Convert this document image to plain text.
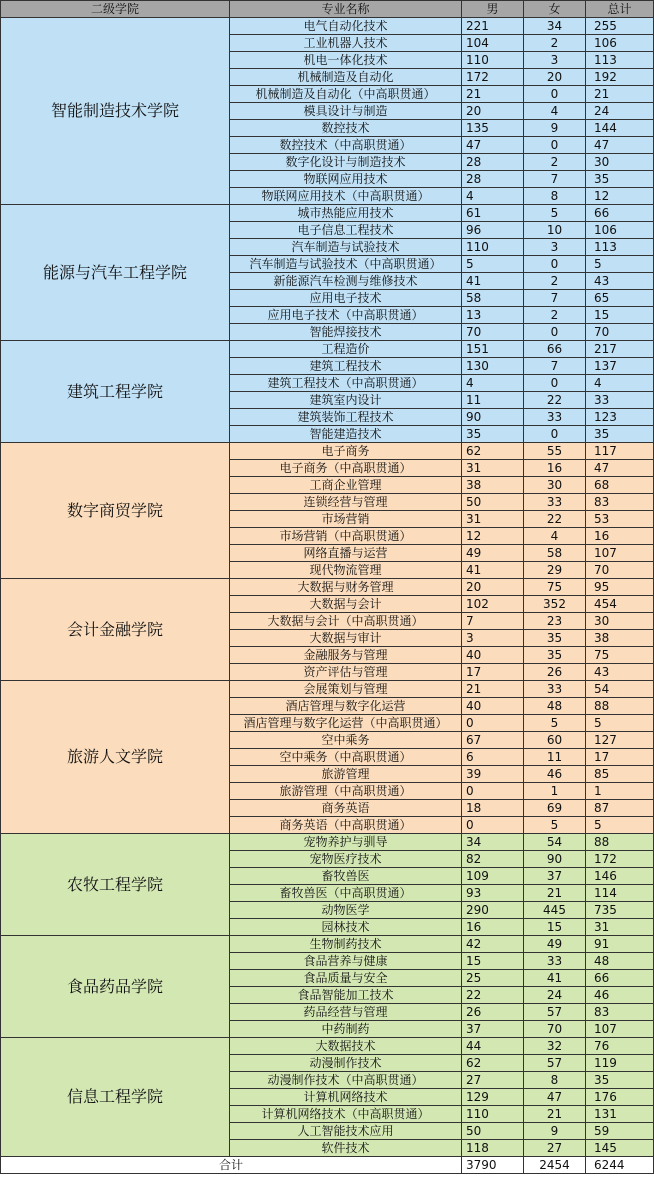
二级学院	专业名称	男	女	总计
智能制造技术学院	电气自动化技术	221	34	255
	工业机器人技术	104	2	106
	机电一体化技术	110	3	113
	机械制造及自动化	172	20	192
	机械制造及自动化（中高职贯通）	21	0	21
	模具设计与制造	20	4	24
	数控技术	135	9	144
	数控技术（中高职贯通）	47	0	47
	数字化设计与制造技术	28	2	30
	物联网应用技术	28	7	35
	物联网应用技术（中高职贯通）	4	8	12
能源与汽车工程学院	城市热能应用技术	61	5	66
	电子信息工程技术	96	10	106
	汽车制造与试验技术	110	3	113
	汽车制造与试验技术（中高职贯通）	5	0	5
	新能源汽车检测与维修技术	41	2	43
	应用电子技术	58	7	65
	应用电子技术（中高职贯通）	13	2	15
	智能焊接技术	70	0	70
建筑工程学院	工程造价	151	66	217
	建筑工程技术	130	7	137
	建筑工程技术（中高职贯通）	4	0	4
	建筑室内设计	11	22	33
	建筑装饰工程技术	90	33	123
	智能建造技术	35	0	35
数字商贸学院	电子商务	62	55	117
	电子商务（中高职贯通）	31	16	47
	工商企业管理	38	30	68
	连锁经营与管理	50	33	83
	市场营销	31	22	53
	市场营销（中高职贯通）	12	4	16
	网络直播与运营	49	58	107
	现代物流管理	41	29	70
会计金融学院	大数据与财务管理	20	75	95
	大数据与会计	102	352	454
	大数据与会计（中高职贯通）	7	23	30
	大数据与审计	3	35	38
	金融服务与管理	40	35	75
	资产评估与管理	17	26	43
旅游人文学院	会展策划与管理	21	33	54
	酒店管理与数字化运营	40	48	88
	酒店管理与数字化运营（中高职贯通）	0	5	5
	空中乘务	67	60	127
	空中乘务（中高职贯通）	6	11	17
	旅游管理	39	46	85
	旅游管理（中高职贯通）	0	1	1
	商务英语	18	69	87
	商务英语（中高职贯通）	0	5	5
农牧工程学院	宠物养护与驯导	34	54	88
	宠物医疗技术	82	90	172
	畜牧兽医	109	37	146
	畜牧兽医（中高职贯通）	93	21	114
	动物医学	290	445	735
	园林技术	16	15	31
食品药品学院	生物制药技术	42	49	91
	食品营养与健康	15	33	48
	食品质量与安全	25	41	66
	食品智能加工技术	22	24	46
	药品经营与管理	26	57	83
	中药制药	37	70	107
信息工程学院	大数据技术	44	32	76
	动漫制作技术	62	57	119
	动漫制作技术（中高职贯通）	27	8	35
	计算机网络技术	129	47	176
	计算机网络技术（中高职贯通）	110	21	131
	人工智能技术应用	50	9	59
	软件技术	118	27	145
合计		3790	2454	6244
